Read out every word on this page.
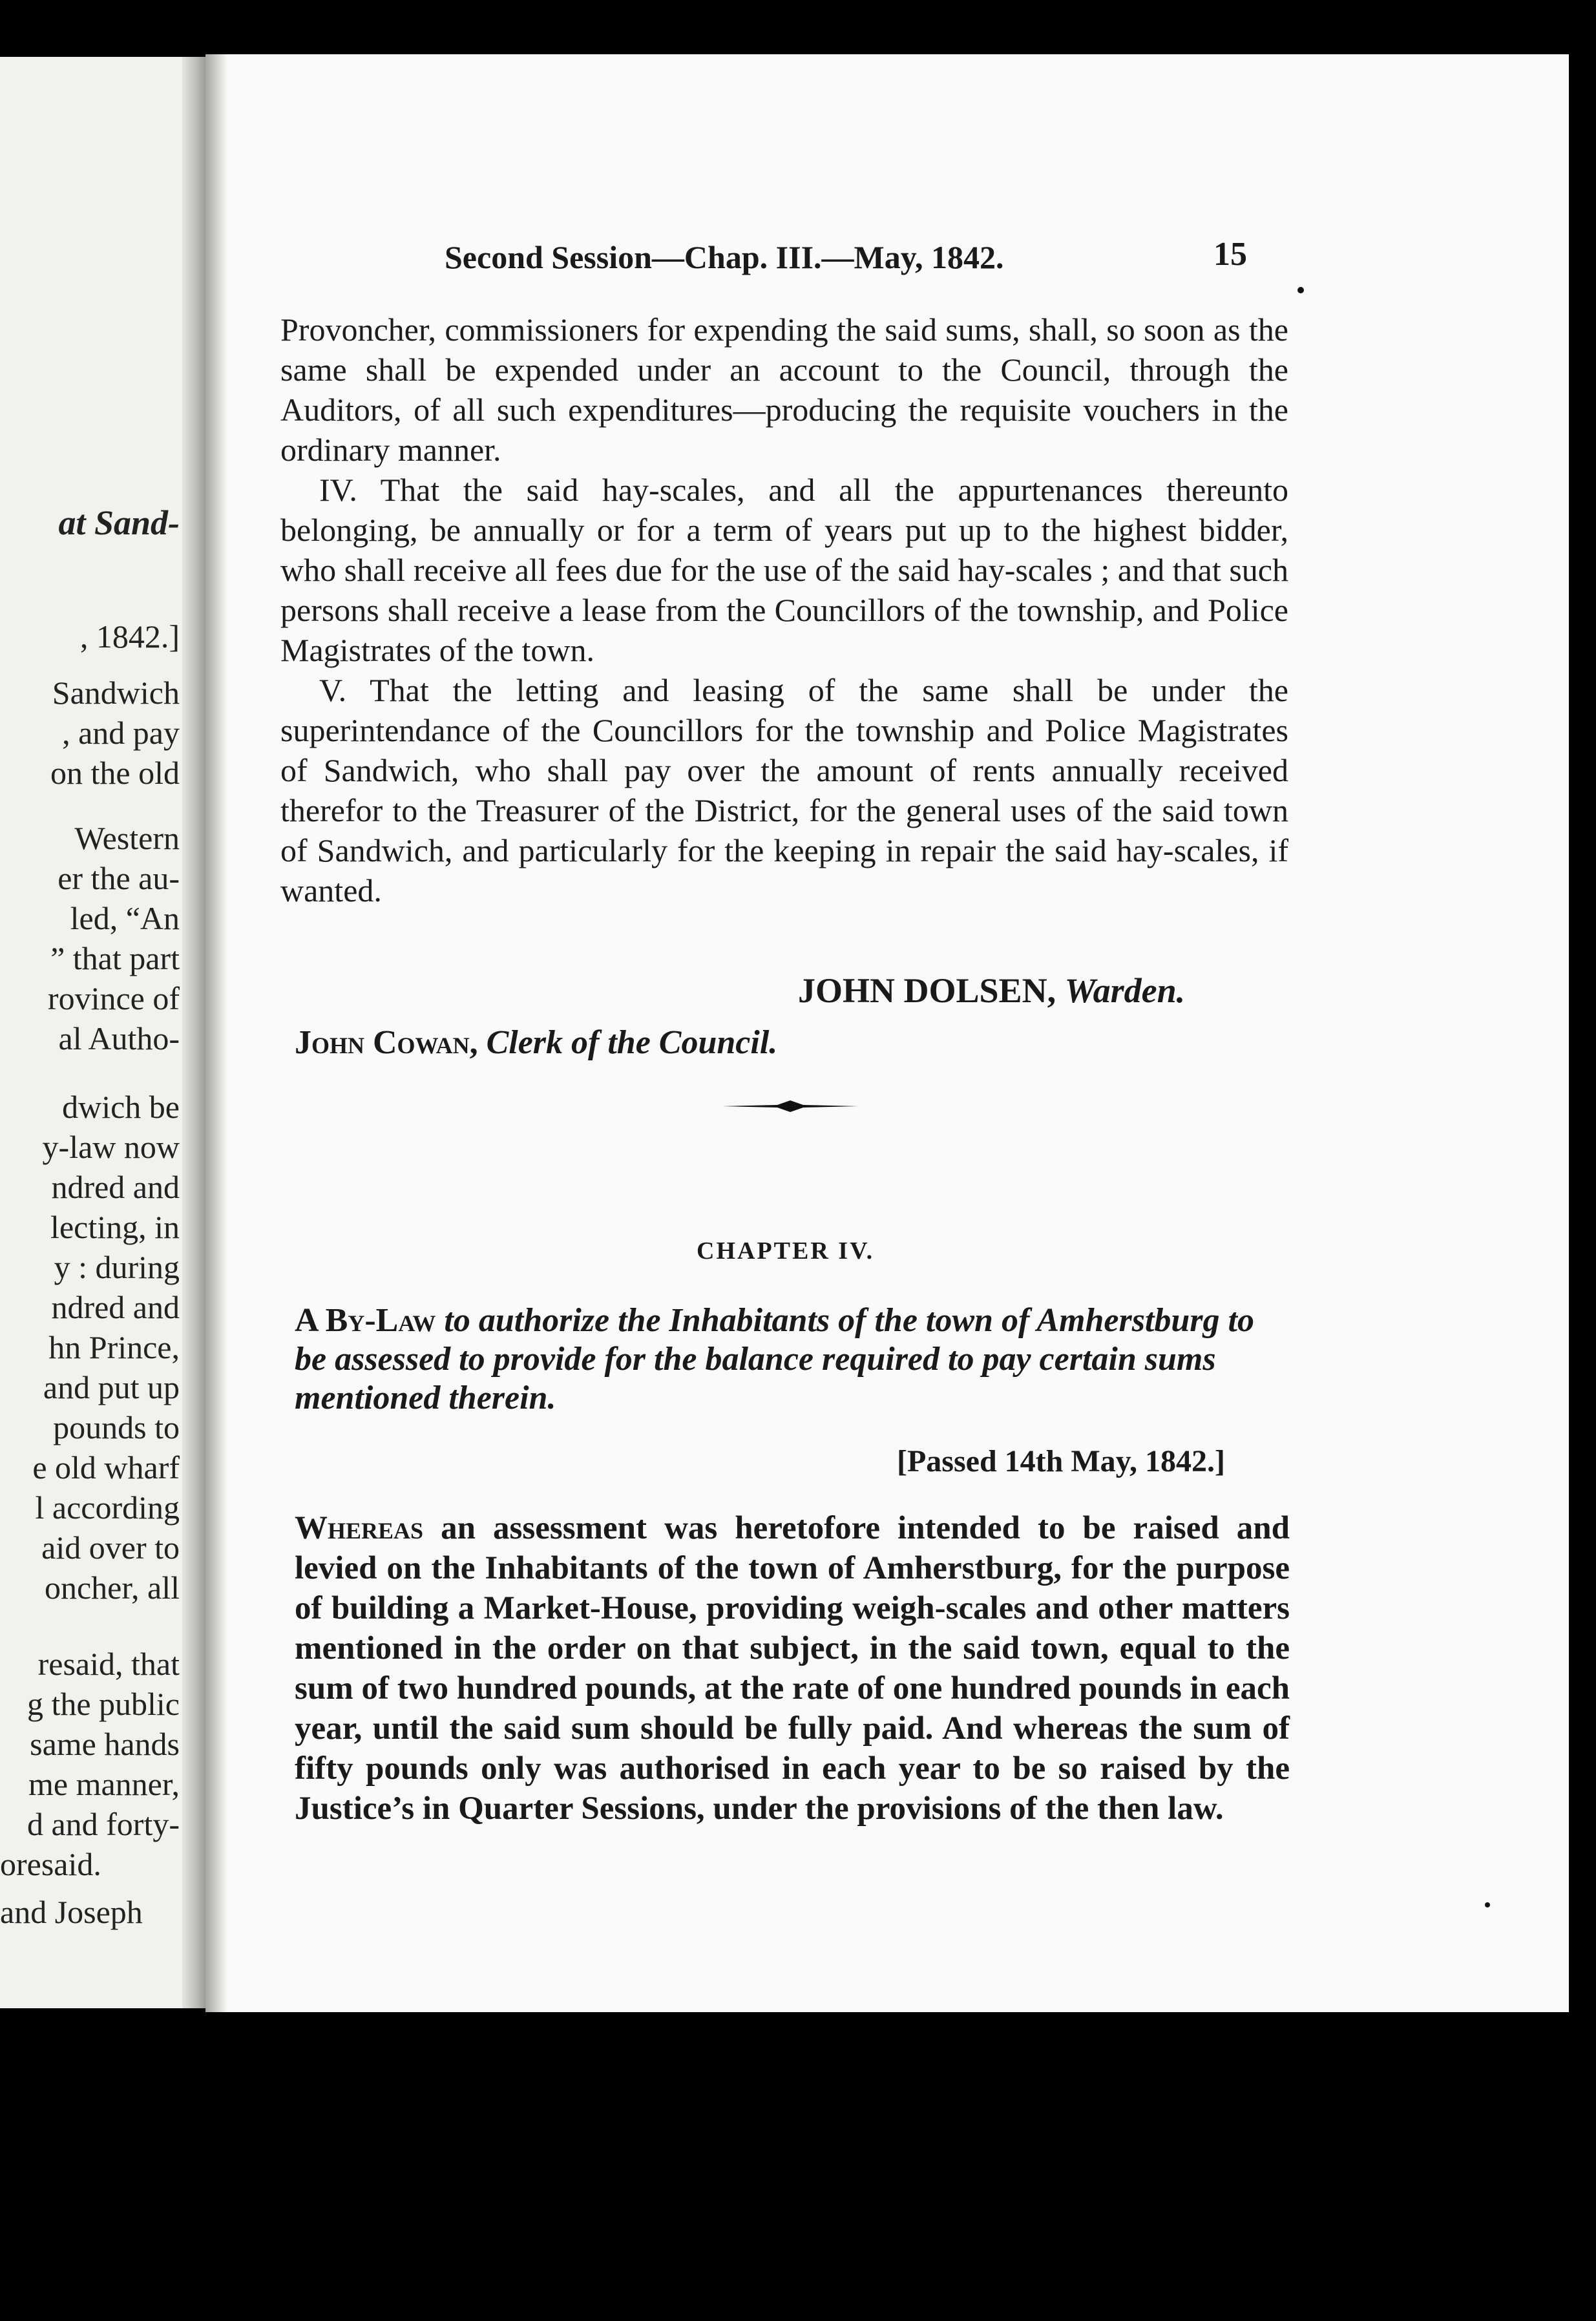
at Sand-
, 1842.]
Sandwich
, and pay
on the old
Western
er the au-
led, “An
” that part
rovince of
al Autho-
dwich be
y-law now
ndred and
lecting, in
y : during
ndred and
hn Prince,
and put up
pounds to
e old wharf
l according
aid over to
oncher, all
resaid, that
g the public
same hands
me manner,
d and forty-
oresaid.
and Joseph
Second Session—Chap. III.—May, 1842.	15

Provoncher, commissioners for expending the said sums, shall, so soon as the same shall be expended under an account to the Council, through the Auditors, of all such expenditures—producing the requisite vouchers in the ordinary manner.

IV. That the said hay-scales, and all the appurtenances thereunto belonging, be annually or for a term of years put up to the highest bidder, who shall receive all fees due for the use of the said hay-scales ; and that such persons shall receive a lease from the Councillors of the township, and Police Magistrates of the town.

V. That the letting and leasing of the same shall be under the superintendance of the Councillors for the township and Police Magistrates of Sandwich, who shall pay over the amount of rents annually received therefor to the Treasurer of the District, for the general uses of the said town of Sandwich, and particularly for the keeping in repair the said hay-scales, if wanted.

JOHN DOLSEN, Warden.
John Cowan, Clerk of the Council.
CHAPTER IV.
A By-Law to authorize the Inhabitants of the town of Amherstburg to be assessed to provide for the balance required to pay certain sums mentioned therein.
[Passed 14th May, 1842.]
Whereas an assessment was heretofore intended to be raised and levied on the Inhabitants of the town of Amherstburg, for the purpose of building a Market-House, providing weigh-scales and other matters mentioned in the order on that subject, in the said town, equal to the sum of two hundred pounds, at the rate of one hundred pounds in each year, until the said sum should be fully paid. And whereas the sum of fifty pounds only was authorised in each year to be so raised by the Justice’s in Quarter Sessions, under the provisions of the then law.
